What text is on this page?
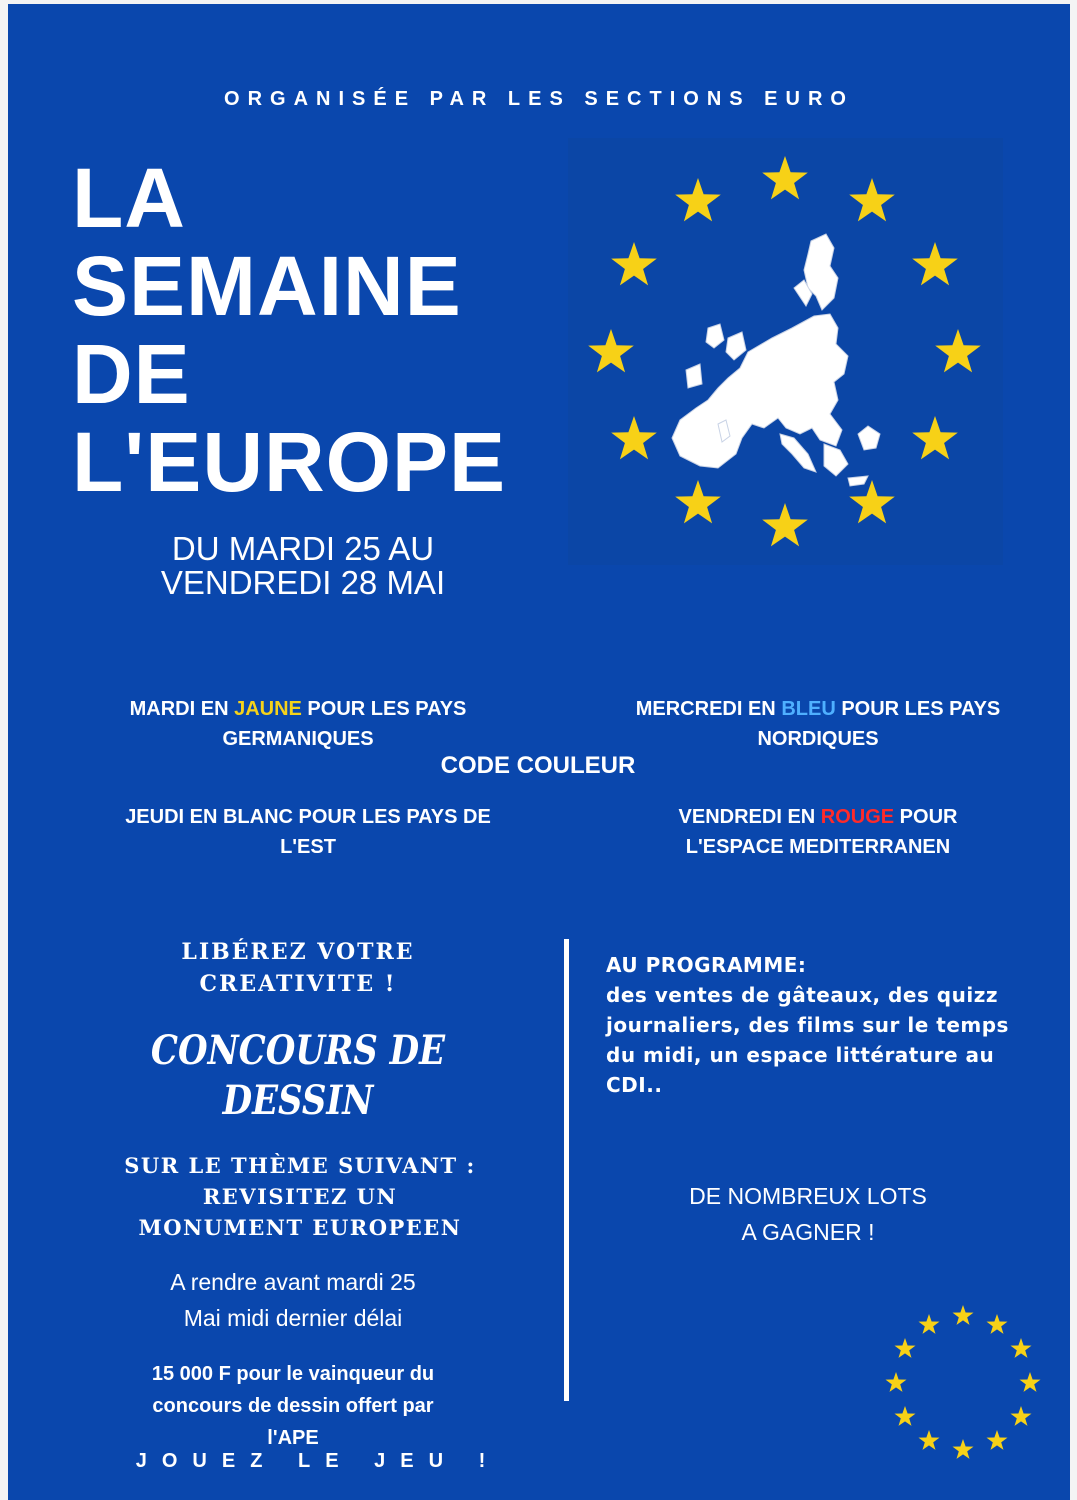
ORGANISÉE PAR LES SECTIONS EURO
LA
SEMAINE
DE
L'EUROPE
DU MARDI 25 AU
VENDREDI 28 MAI
MARDI EN JAUNE POUR LES PAYS
GERMANIQUES
MERCREDI EN BLEU POUR LES PAYS
NORDIQUES
CODE COULEUR
JEUDI EN BLANC POUR LES PAYS DE
L'EST
VENDREDI EN ROUGE POUR
L'ESPACE MEDITERRANEN
LIBÉREZ VOTRE
CREATIVITE !
CONCOURS DE
DESSIN
SUR LE THÈME SUIVANT :
REVISITEZ UN
MONUMENT EUROPEEN
A rendre avant mardi 25
Mai midi dernier délai
15 000 F pour le vainqueur du
concours de dessin offert par
l'APE
AU PROGRAMME:
des ventes de gâteaux, des quizz
journaliers, des films sur le temps
du midi, un espace littérature au
CDI..
DE NOMBREUX LOTS
A GAGNER !
JOUEZ LE JEU !
